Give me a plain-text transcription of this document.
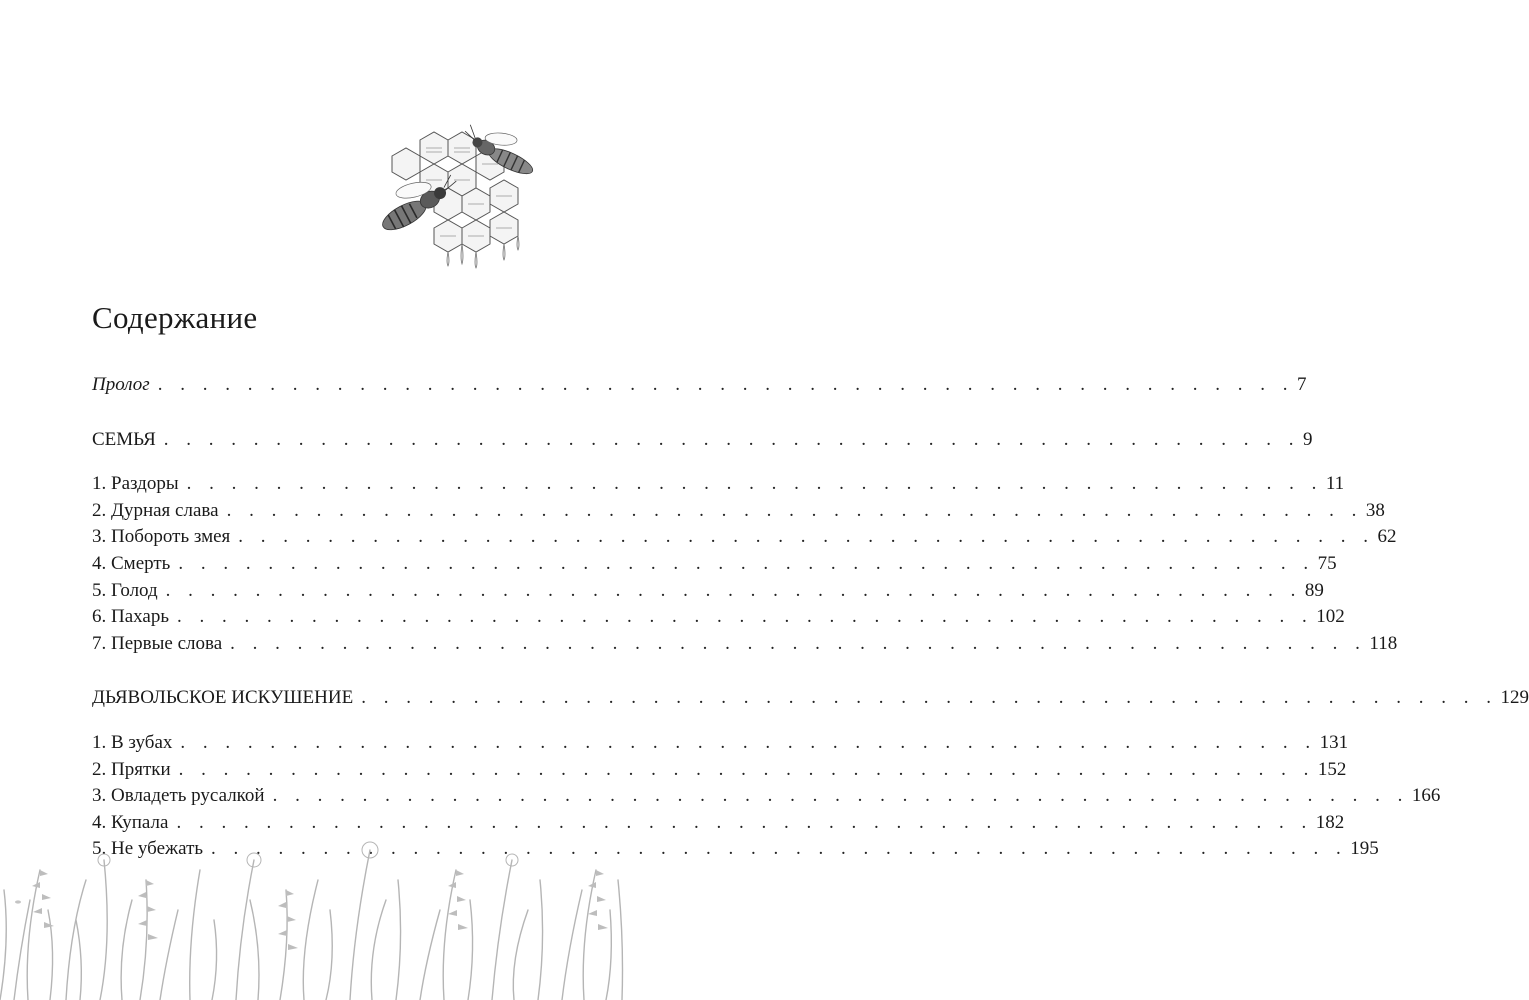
Содержание
Пролог . . . . . . . . . . . . . . . . . . . . . . . . . . . . . . . . . . . . . . . . . . . . . . . . . . . 7
СЕМЬЯ . . . . . . . . . . . . . . . . . . . . . . . . . . . . . . . . . . . . . . . . . . . . . . . . . . . 9
1. Раздоры . . . . . . . . . . . . . . . . . . . . . . . . . . . . . . . . . . . . . . . . . . . . . . . . . . . 11
2. Дурная слава . . . . . . . . . . . . . . . . . . . . . . . . . . . . . . . . . . . . . . . . . . . . . . . . . . . 38
3. Побороть змея . . . . . . . . . . . . . . . . . . . . . . . . . . . . . . . . . . . . . . . . . . . . . . . . . . . 62
4. Смерть . . . . . . . . . . . . . . . . . . . . . . . . . . . . . . . . . . . . . . . . . . . . . . . . . . . 75
5. Голод . . . . . . . . . . . . . . . . . . . . . . . . . . . . . . . . . . . . . . . . . . . . . . . . . . . 89
6. Пахарь . . . . . . . . . . . . . . . . . . . . . . . . . . . . . . . . . . . . . . . . . . . . . . . . . . . 102
7. Первые слова . . . . . . . . . . . . . . . . . . . . . . . . . . . . . . . . . . . . . . . . . . . . . . . . . . . 118
ДЬЯВОЛЬСКОЕ ИСКУШЕНИЕ . . . . . . . . . . . . . . . . . . . . . . . . . . . . . . . . . . . . . . . . . . . . . . . . . . . 129
1. В зубах . . . . . . . . . . . . . . . . . . . . . . . . . . . . . . . . . . . . . . . . . . . . . . . . . . . 131
2. Прятки . . . . . . . . . . . . . . . . . . . . . . . . . . . . . . . . . . . . . . . . . . . . . . . . . . . 152
3. Овладеть русалкой . . . . . . . . . . . . . . . . . . . . . . . . . . . . . . . . . . . . . . . . . . . . . . . . . . . 166
4. Купала . . . . . . . . . . . . . . . . . . . . . . . . . . . . . . . . . . . . . . . . . . . . . . . . . . . 182
5. Не убежать . . . . . . . . . . . . . . . . . . . . . . . . . . . . . . . . . . . . . . . . . . . . . . . . . . . 195
